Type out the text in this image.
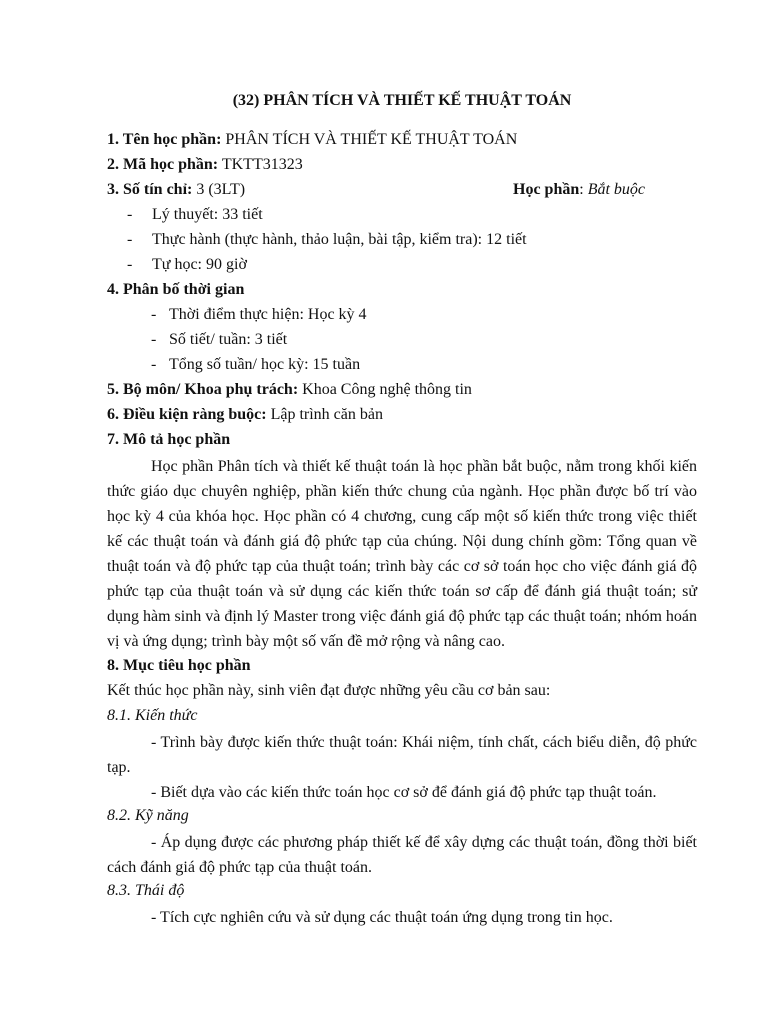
(32) PHÂN TÍCH VÀ THIẾT KẾ THUẬT TOÁN
1. Tên học phần: PHÂN TÍCH VÀ THIẾT KẾ THUẬT TOÁN
2. Mã học phần: TKTT31323
3. Số tín chỉ: 3 (3LT)	Học phần: Bắt buộc
- Lý thuyết: 33 tiết
- Thực hành (thực hành, thảo luận, bài tập, kiểm tra): 12 tiết
- Tự học: 90 giờ
4. Phân bố thời gian
- Thời điểm thực hiện: Học kỳ 4
- Số tiết/ tuần: 3 tiết
- Tổng số tuần/ học kỳ: 15 tuần
5. Bộ môn/ Khoa phụ trách: Khoa Công nghệ thông tin
6. Điều kiện ràng buộc: Lập trình căn bản
7. Mô tả học phần
Học phần Phân tích và thiết kế thuật toán là học phần bắt buộc, nằm trong khối kiến thức giáo dục chuyên nghiệp, phần kiến thức chung của ngành. Học phần được bố trí vào học kỳ 4 của khóa học. Học phần có 4 chương, cung cấp một số kiến thức trong việc thiết kế các thuật toán và đánh giá độ phức tạp của chúng. Nội dung chính gồm: Tổng quan về thuật toán và độ phức tạp của thuật toán; trình bày các cơ sở toán học cho việc đánh giá độ phức tạp của thuật toán và sử dụng các kiến thức toán sơ cấp để đánh giá thuật toán; sử dụng hàm sinh và định lý Master trong việc đánh giá độ phức tạp các thuật toán; nhóm hoán vị và ứng dụng; trình bày một số vấn đề mở rộng và nâng cao.
8. Mục tiêu học phần
Kết thúc học phần này, sinh viên đạt được những yêu cầu cơ bản sau:
8.1. Kiến thức
- Trình bày được kiến thức thuật toán: Khái niệm, tính chất, cách biểu diễn, độ phức tạp.
- Biết dựa vào các kiến thức toán học cơ sở để đánh giá độ phức tạp thuật toán.
8.2. Kỹ năng
- Áp dụng được các phương pháp thiết kế để xây dựng các thuật toán, đồng thời biết cách đánh giá độ phức tạp của thuật toán.
8.3. Thái độ
- Tích cực nghiên cứu và sử dụng các thuật toán ứng dụng trong tin học.
